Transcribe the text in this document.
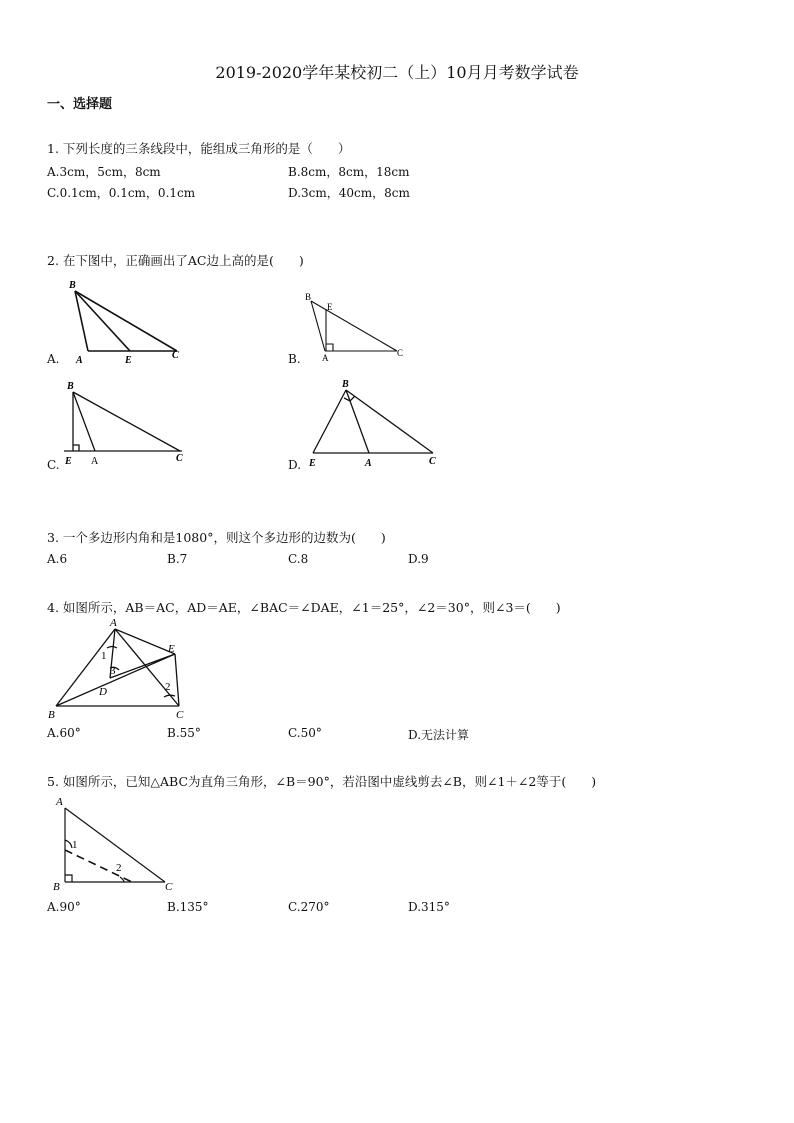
2019-2020学年某校初二（上）10月月考数学试卷
一、选择题
1. 下列长度的三条线段中，能组成三角形的是（　　）
A.3cm，5cm，8cm	B.8cm，8cm，18cm
C.0.1cm，0.1cm，0.1cm	D.3cm，40cm，8cm
2. 在下图中，正确画出了AC边上高的是(　　)
A.
B
A	E	C	B.
B
E
A	C
C.
B
E A	C	D.
B
E	A	C
3. 一个多边形内角和是1080°，则这个多边形的边数为(　　)
A.6	B.7	C.8	D.9
4. 如图所示，AB＝AC，AD＝AE，∠BAC＝∠DAE，∠1＝25°，∠2＝30°，则∠3＝(　　)
A
B	C
D
E
1
3
2
A.60°	B.55°	C.50°	D.无法计算
5. 如图所示，已知△ABC为直角三角形，∠B＝90°，若沿图中虚线剪去∠B，则∠1＋∠2等于(　　)
A
B	C
1
2
A.90°	B.135°	C.270°	D.315°
